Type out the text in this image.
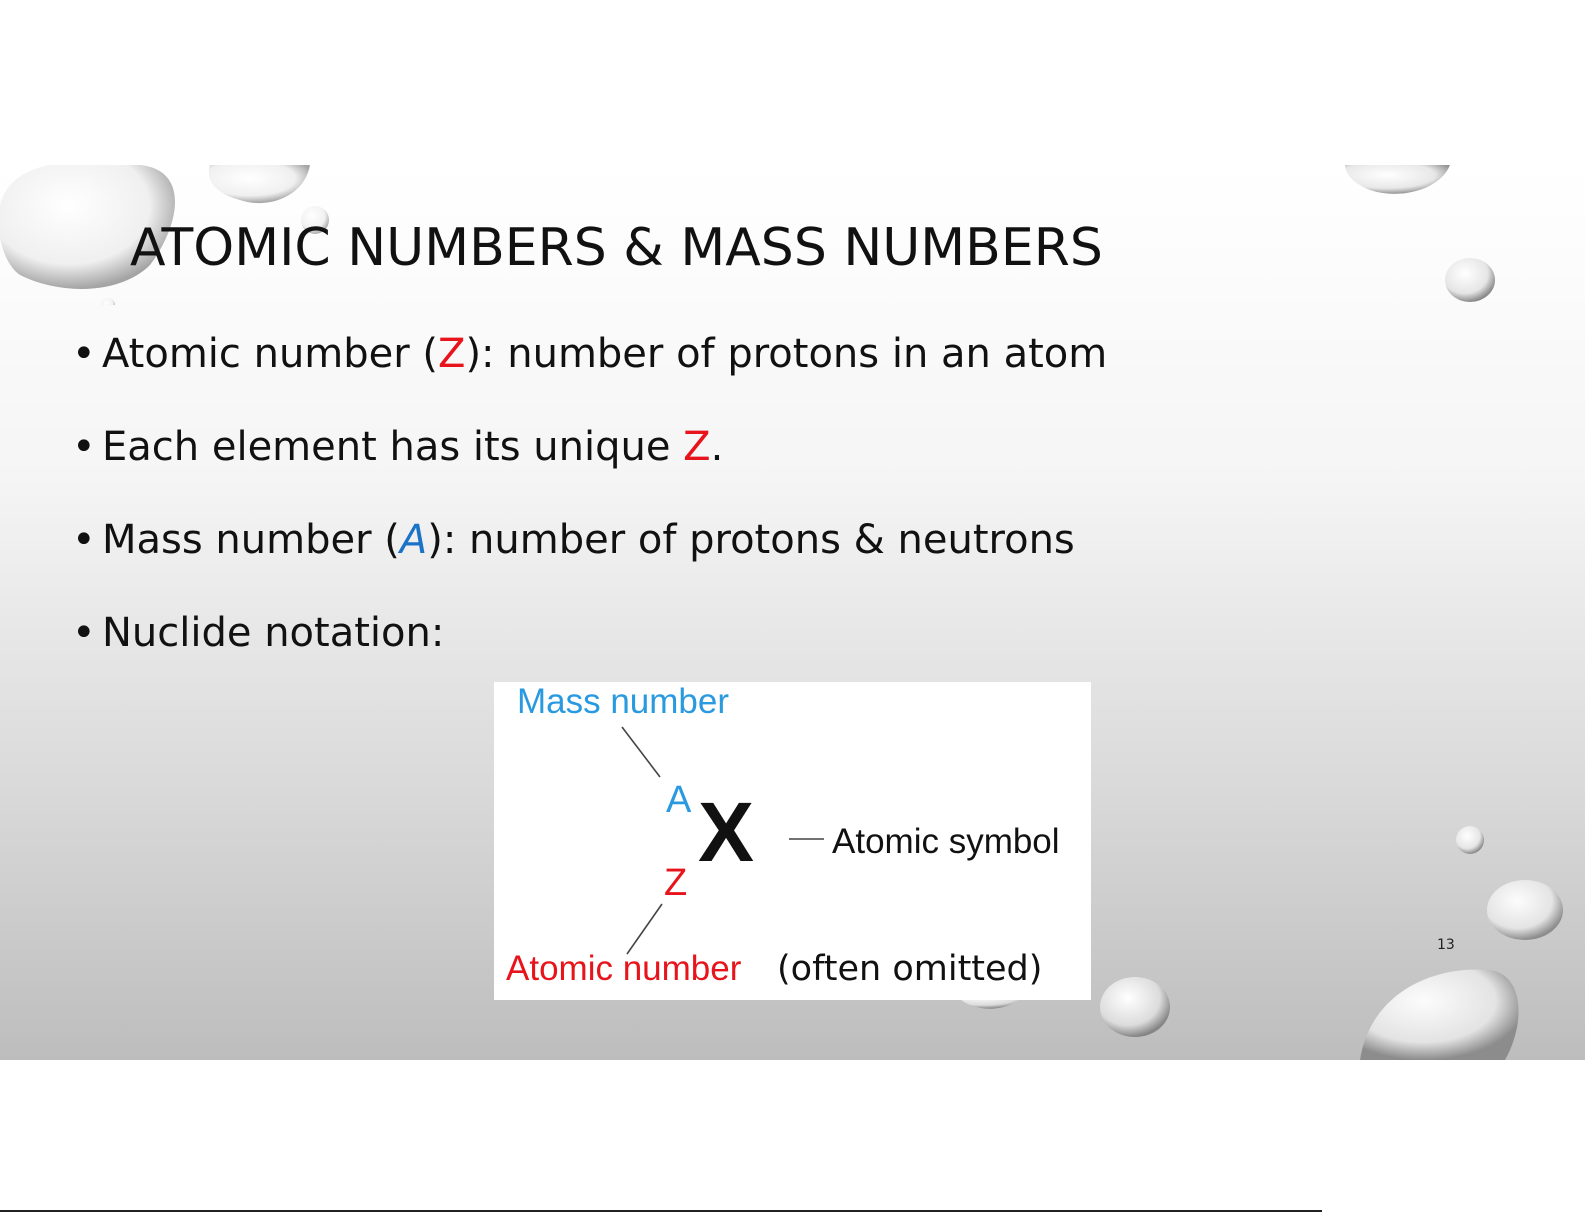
ATOMIC NUMBERS & MASS NUMBERS
• Atomic number (Z): number of protons in an atom
• Each element has its unique Z.
• Mass number (A): number of protons & neutrons
• Nuclide notation:
Mass number
A X
Z
Atomic symbol
Atomic number (often omitted)
13
